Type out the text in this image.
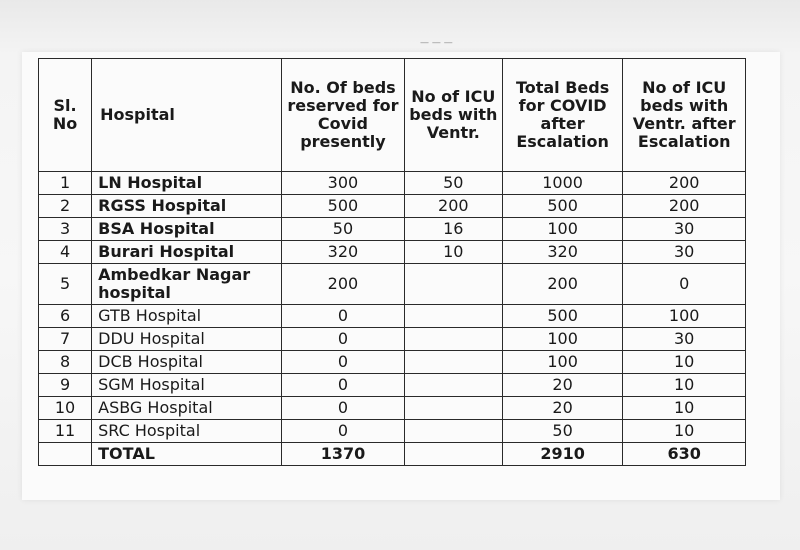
— — —
Sl. No	Hospital	No. Of beds reserved for Covid presently	No of ICU beds with Ventr.	Total Beds for COVID after Escalation	No of ICU beds with Ventr. after Escalation
1	LN Hospital	300	50	1000	200
2	RGSS Hospital	500	200	500	200
3	BSA Hospital	50	16	100	30
4	Burari Hospital	320	10	320	30
5	Ambedkar Nagar hospital	200		200	0
6	GTB Hospital	0		500	100
7	DDU Hospital	0		100	30
8	DCB Hospital	0		100	10
9	SGM Hospital	0		20	10
10	ASBG Hospital	0		20	10
11	SRC Hospital	0		50	10
	TOTAL	1370		2910	630
